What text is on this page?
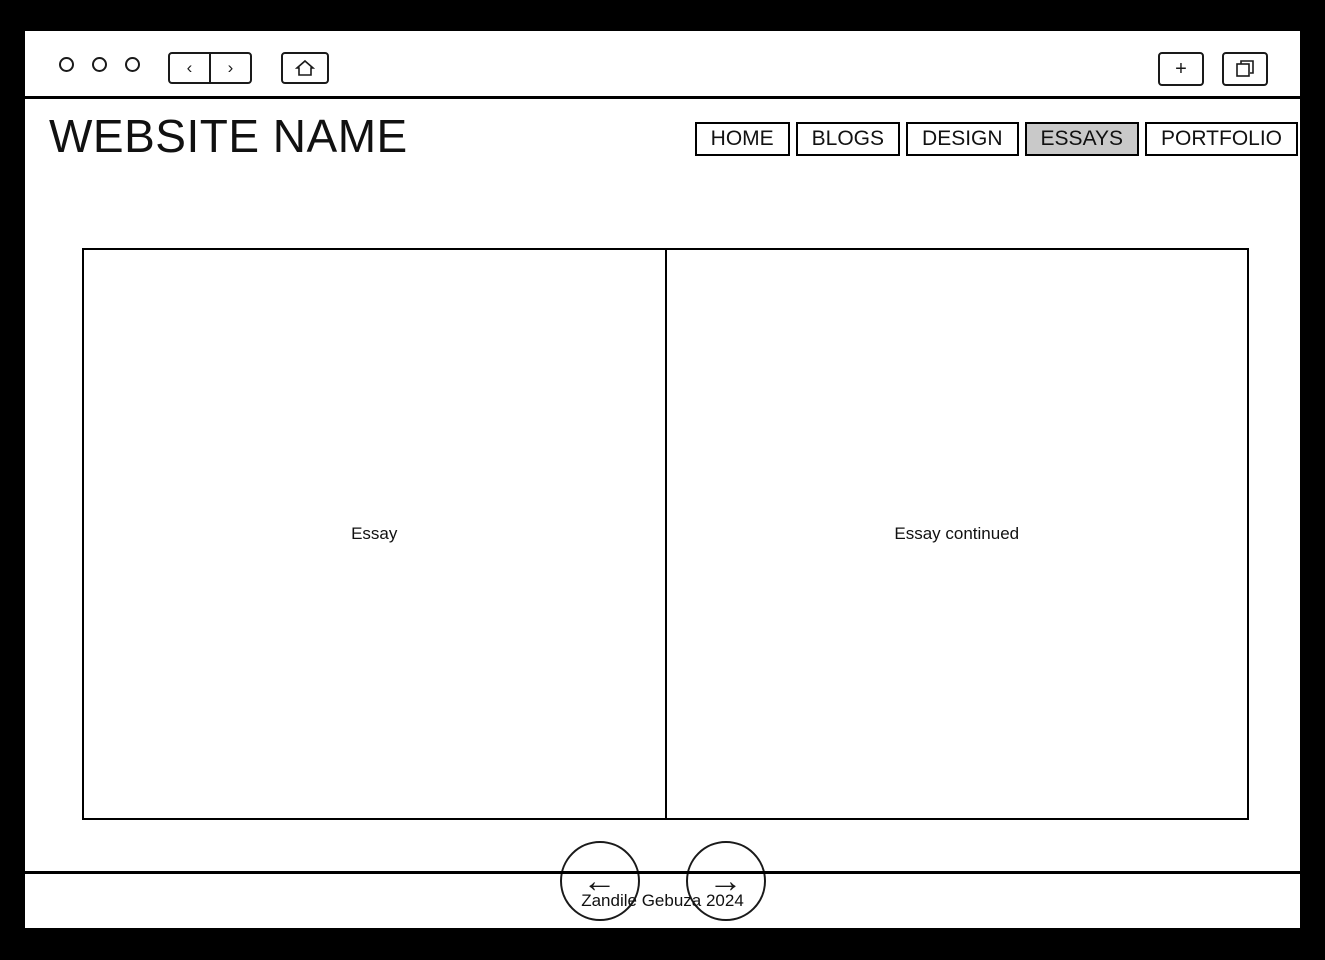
‹ ›	+
WEBSITE NAME	HOME	BLOGS	DESIGN	ESSAYS	PORTFOLIO
Essay	Essay continued
←	→
Zandile Gebuza 2024
